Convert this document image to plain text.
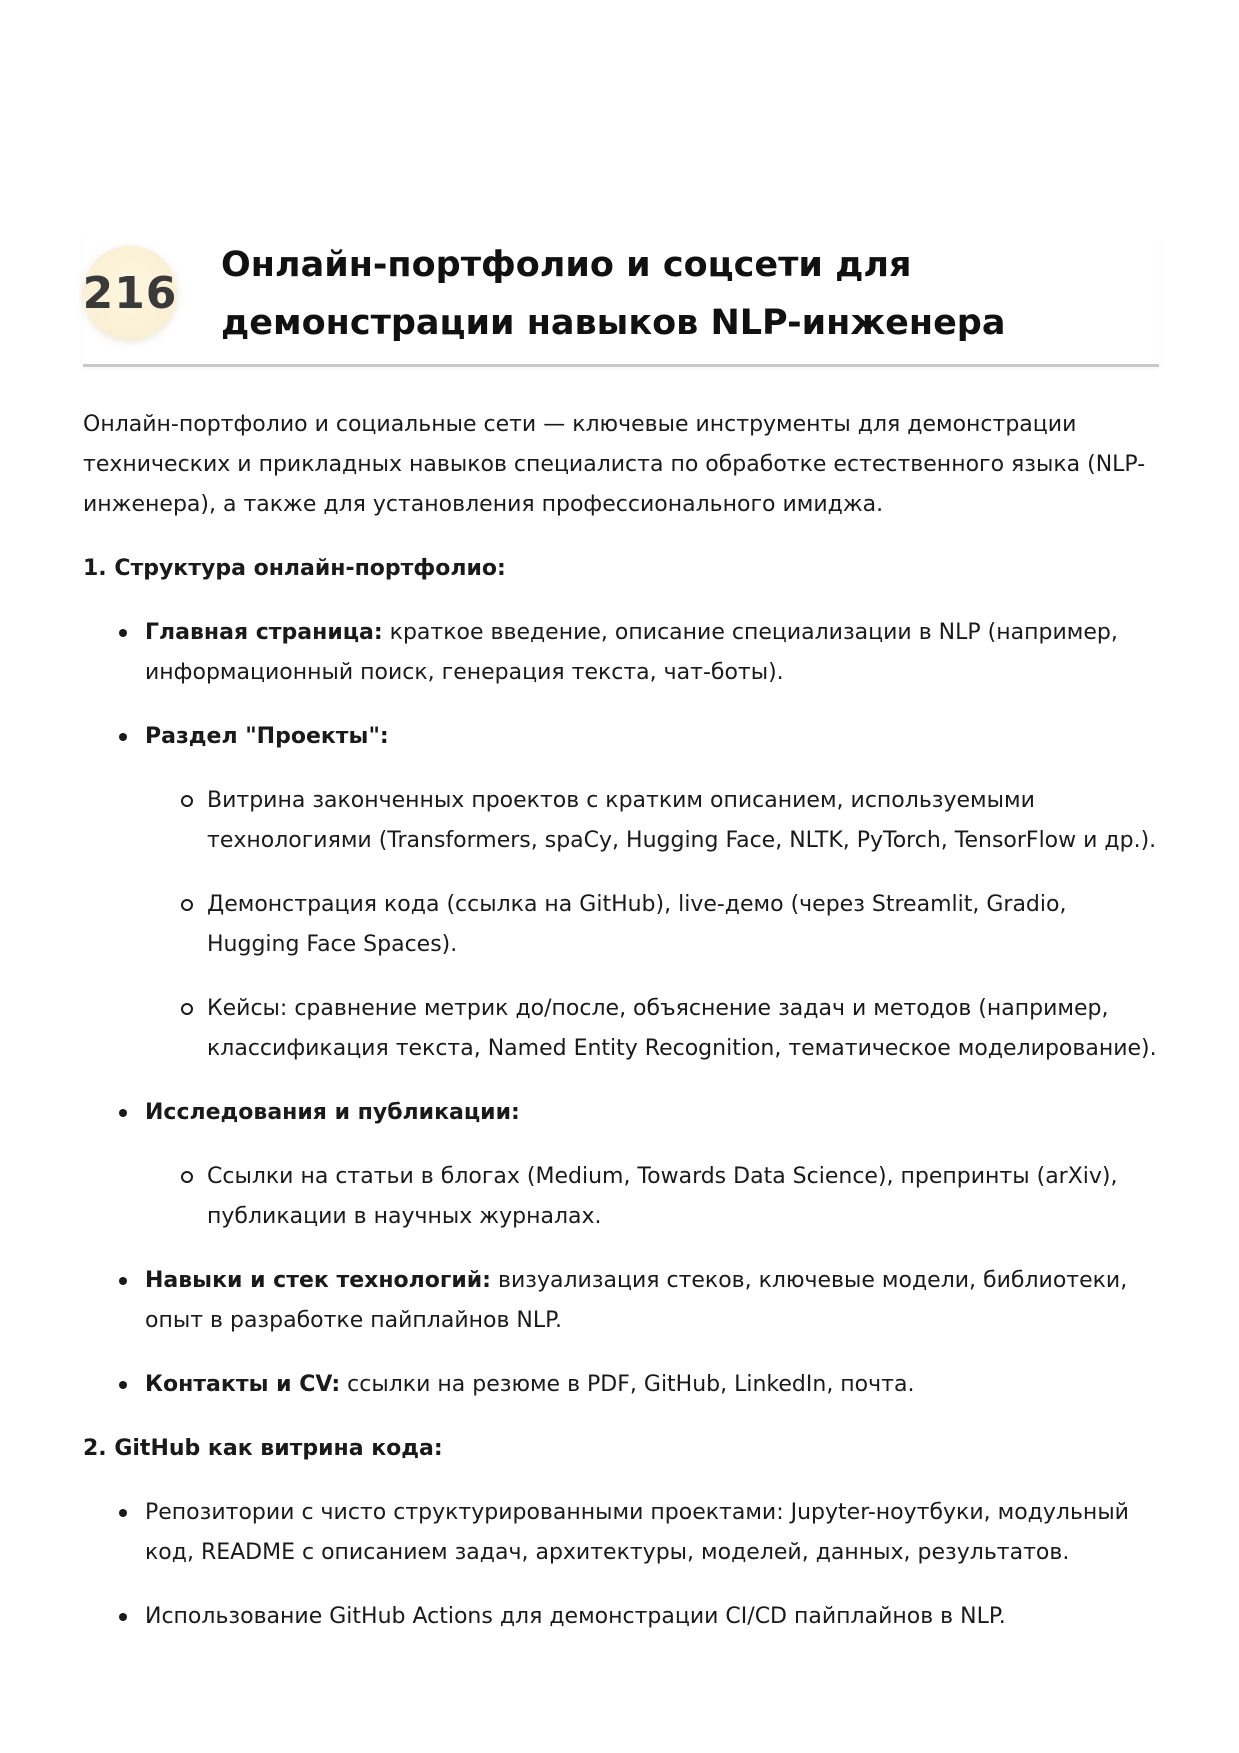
216
Онлайн-портфолио и соцсети для демонстрации навыков NLP-инженера

Онлайн-портфолио и социальные сети — ключевые инструменты для демонстрации технических и прикладных навыков специалиста по обработке естественного языка (NLP-инженера), а также для установления профессионального имиджа.

1. Структура онлайн-портфолио:

Главная страница: краткое введение, описание специализации в NLP (например, информационный поиск, генерация текста, чат-боты).
Раздел "Проекты":
Витрина законченных проектов с кратким описанием, используемыми технологиями (Transformers, spaCy, Hugging Face, NLTK, PyTorch, TensorFlow и др.).
Демонстрация кода (ссылка на GitHub), live-демо (через Streamlit, Gradio, Hugging Face Spaces).
Кейсы: сравнение метрик до/после, объяснение задач и методов (например, классификация текста, Named Entity Recognition, тематическое моделирование).
Исследования и публикации:
Ссылки на статьи в блогах (Medium, Towards Data Science), препринты (arXiv), публикации в научных журналах.
Навыки и стек технологий: визуализация стеков, ключевые модели, библиотеки, опыт в разработке пайплайнов NLP.
Контакты и CV: ссылки на резюме в PDF, GitHub, LinkedIn, почта.

2. GitHub как витрина кода:

Репозитории с чисто структурированными проектами: Jupyter-ноутбуки, модульный код, README с описанием задач, архитектуры, моделей, данных, результатов.
Использование GitHub Actions для демонстрации CI/CD пайплайнов в NLP.
